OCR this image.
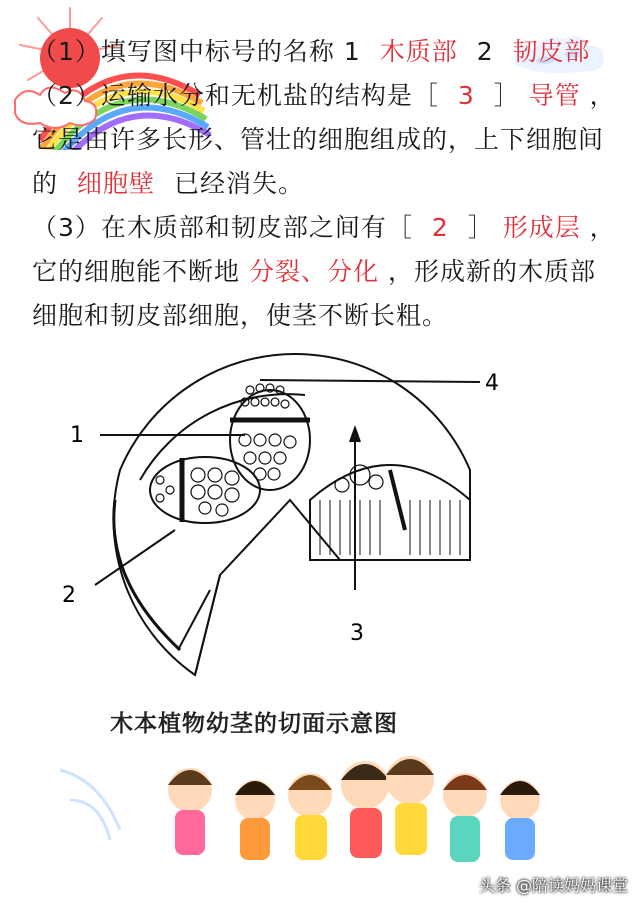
（1）填写图中标号的名称 1 木质部 2 韧皮部

（2）运输水分和无机盐的结构是［ 3 ］ 导管 ，它是由许多长形、管壮的细胞组成的，上下细胞间的 细胞壁 已经消失。

（3）在木质部和韧皮部之间有［ 2 ］ 形成层 ，它的细胞能不断地 分裂、分化 ，形成新的木质部细胞和韧皮部细胞，使茎不断长粗。

1
2
3
4
木本植物幼茎的切面示意图
头条 @陪读妈妈课堂
